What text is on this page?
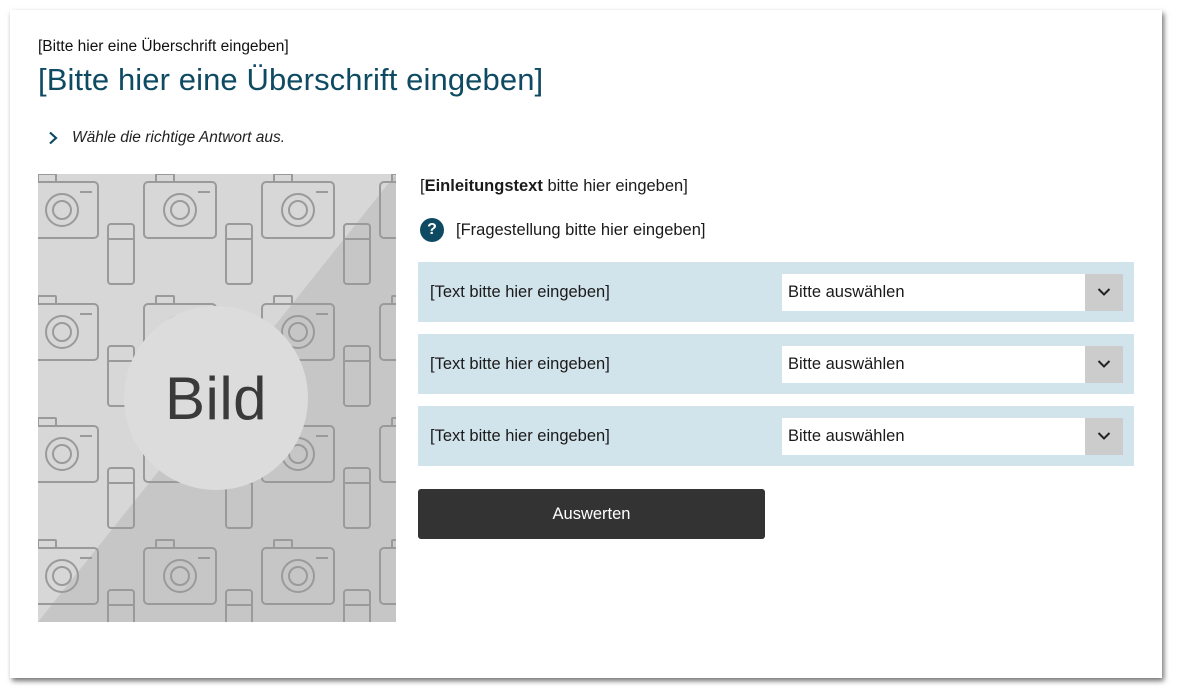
[Bitte hier eine Überschrift eingeben]
[Bitte hier eine Überschrift eingeben]
Wähle die richtige Antwort aus.
Bild
[Einleitungstext bitte hier eingeben]
?	[Fragestellung bitte hier eingeben]
[Text bitte hier eingeben]	Bitte auswählen
[Text bitte hier eingeben]	Bitte auswählen
[Text bitte hier eingeben]	Bitte auswählen
Auswerten
